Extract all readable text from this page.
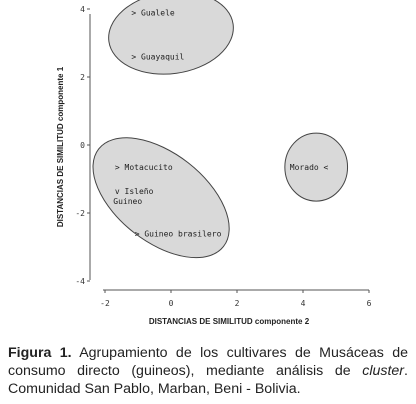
-2	0	2	4	6
4
2
0
-2
-4
> Gualele
> Guayaquil
> Motacucito
v Isleño
Guineo
> Guineo brasilero
Morado <
DISTANCIAS DE SIMILITUD componente 2
DISTANCIAS DE SIMILITUD componente 1

Figura 1. Agrupamiento de los cultivares de Musáceas de consumo directo (guineos), mediante análisis de cluster. Comunidad San Pablo, Marban, Beni - Bolivia.
